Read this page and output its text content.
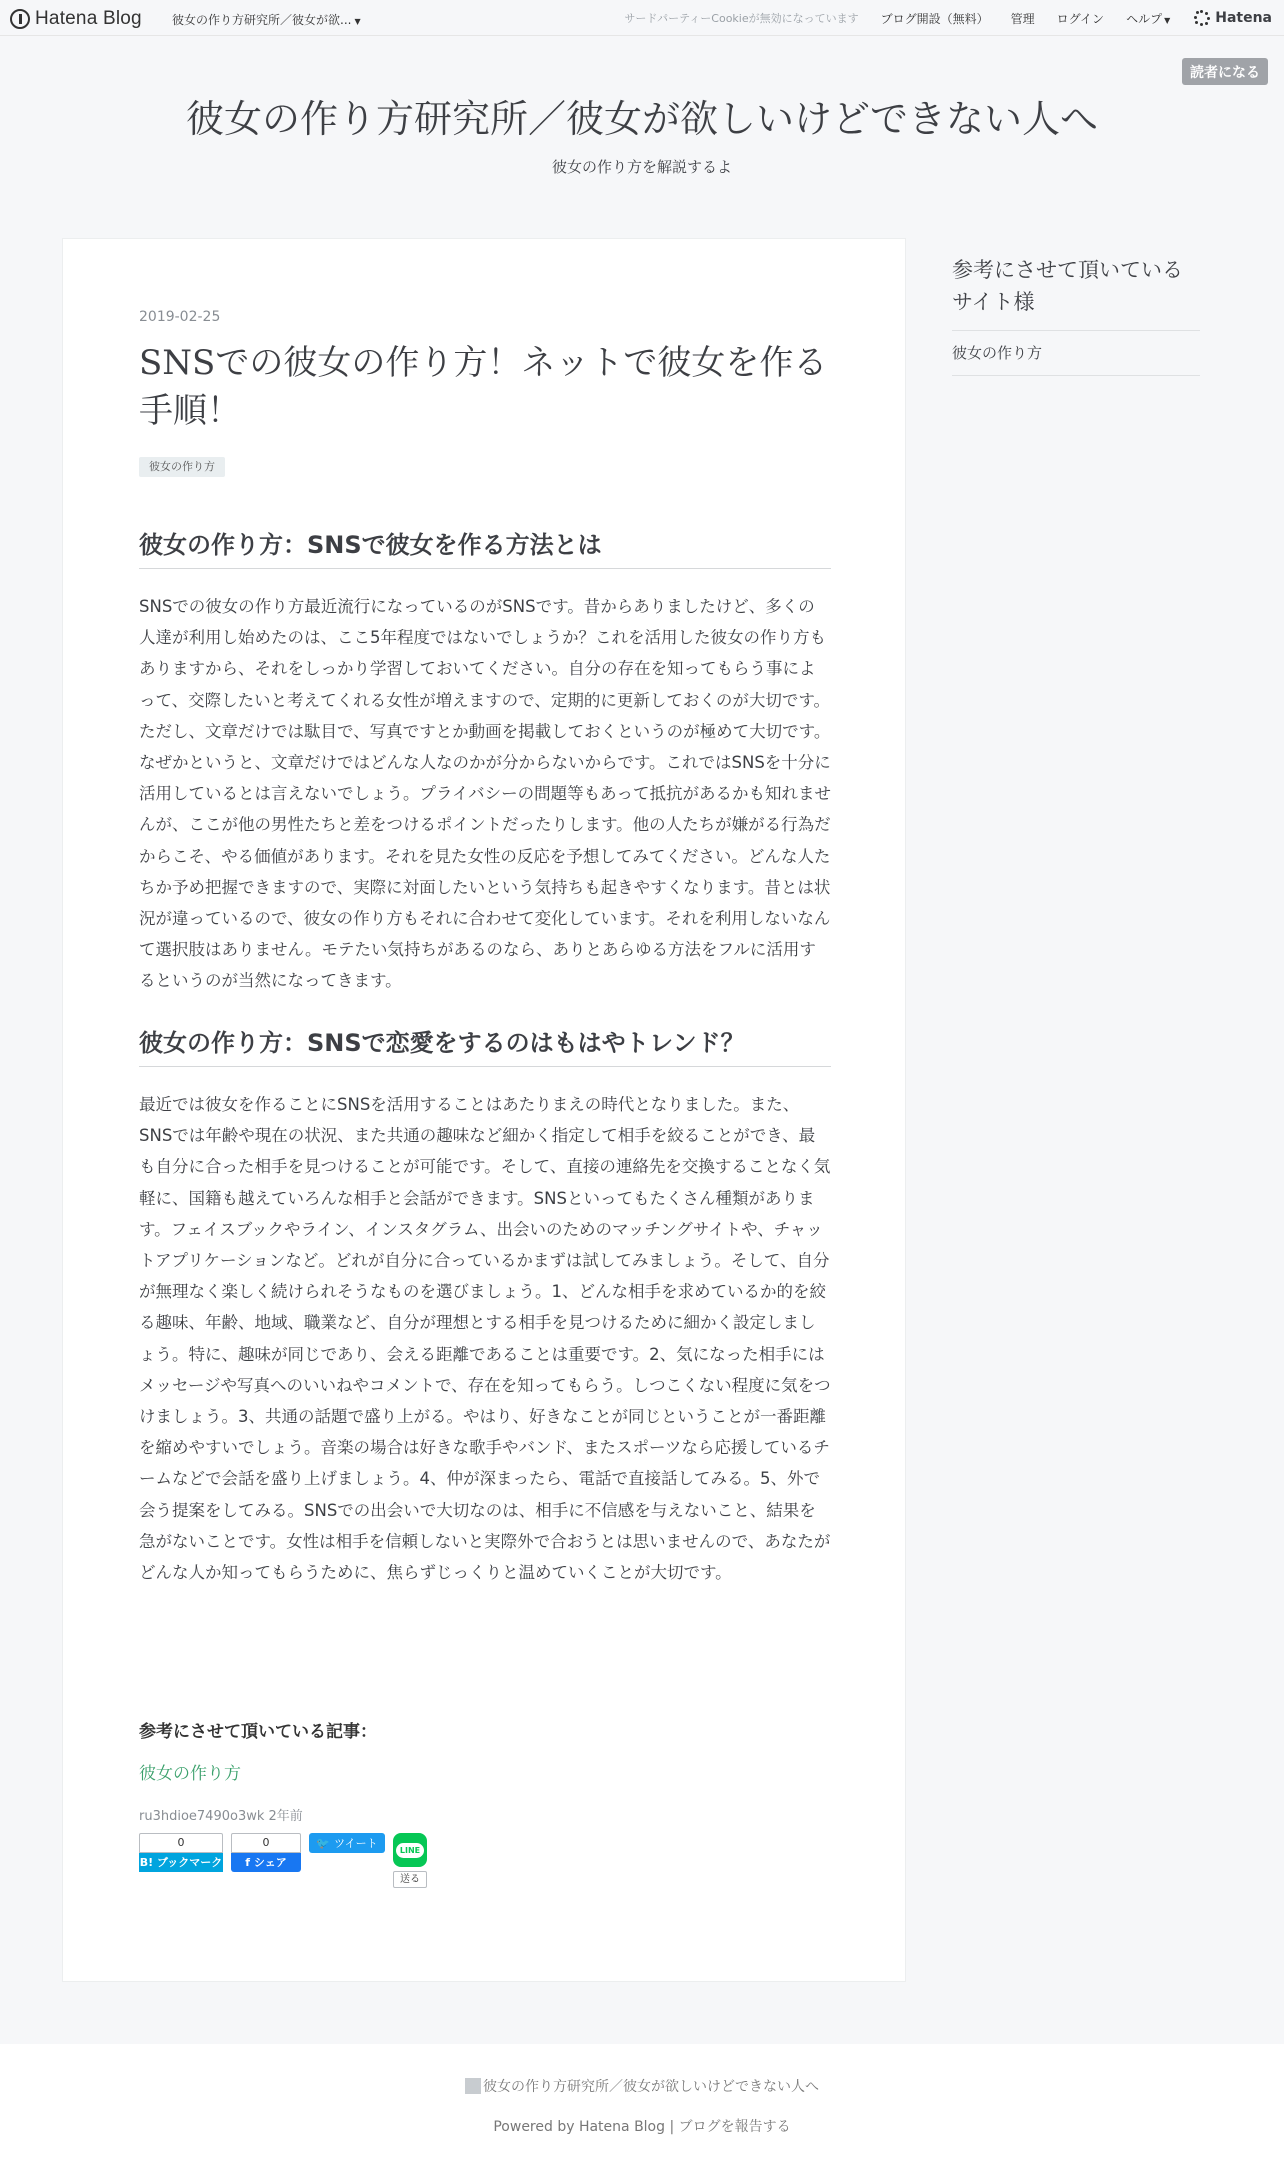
Hatena Blog	彼女の作り方研究所／彼女が欲... ▼	サードパーティーCookieが無効になっています ブログ開設（無料） 管理 ログイン ヘルプ ▼	Hatena
読者になる
彼女の作り方研究所／彼女が欲しいけどできない人へ
彼女の作り方を解説するよ
2019-02-25
SNSでの彼女の作り方！ネットで彼女を作る手順！
彼女の作り方
彼女の作り方：SNSで彼女を作る方法とは

SNSでの彼女の作り方最近流行になっているのがSNSです。昔からありましたけど、多くの人達が利用し始めたのは、ここ5年程度ではないでしょうか？これを活用した彼女の作り方もありますから、それをしっかり学習しておいてください。自分の存在を知ってもらう事によって、交際したいと考えてくれる女性が増えますので、定期的に更新しておくのが大切です。ただし、文章だけでは駄目で、写真ですとか動画を掲載しておくというのが極めて大切です。なぜかというと、文章だけではどんな人なのかが分からないからです。これではSNSを十分に活用しているとは言えないでしょう。プライバシーの問題等もあって抵抗があるかも知れませんが、ここが他の男性たちと差をつけるポイントだったりします。他の人たちが嫌がる行為だからこそ、やる価値があります。それを見た女性の反応を予想してみてください。どんな人たちか予め把握できますので、実際に対面したいという気持ちも起きやすくなります。昔とは状況が違っているので、彼女の作り方もそれに合わせて変化しています。それを利用しないなんて選択肢はありません。モテたい気持ちがあるのなら、ありとあらゆる方法をフルに活用するというのが当然になってきます。

彼女の作り方：SNSで恋愛をするのはもはやトレンド？

最近では彼女を作ることにSNSを活用することはあたりまえの時代となりました。また、SNSでは年齢や現在の状況、また共通の趣味など細かく指定して相手を絞ることができ、最も自分に合った相手を見つけることが可能です。そして、直接の連絡先を交換することなく気軽に、国籍も越えていろんな相手と会話ができます。SNSといってもたくさん種類があります。フェイスブックやライン、インスタグラム、出会いのためのマッチングサイトや、チャットアプリケーションなど。どれが自分に合っているかまずは試してみましょう。そして、自分が無理なく楽しく続けられそうなものを選びましょう。1、どんな相手を求めているか的を絞る趣味、年齢、地域、職業など、自分が理想とする相手を見つけるために細かく設定しましょう。特に、趣味が同じであり、会える距離であることは重要です。2、気になった相手にはメッセージや写真へのいいねやコメントで、存在を知ってもらう。しつこくない程度に気をつけましょう。3、共通の話題で盛り上がる。やはり、好きなことが同じということが一番距離を縮めやすいでしょう。音楽の場合は好きな歌手やバンド、またスポーツなら応援しているチームなどで会話を盛り上げましょう。4、仲が深まったら、電話で直接話してみる。5、外で会う提案をしてみる。SNSでの出会いで大切なのは、相手に不信感を与えないこと、結果を急がないことです。女性は相手を信頼しないと実際外で合おうとは思いませんので、あなたがどんな人か知ってもらうために、焦らずじっくりと温めていくことが大切です。

参考にさせて頂いている記事：
彼女の作り方
ru3hdioe7490o3wk 2年前
0
B! ブックマーク
0
f シェア
🐦 ツイート	LINE
送る
参考にさせて頂いているサイト様
彼女の作り方
彼女の作り方研究所／彼女が欲しいけどできない人へ
Powered by Hatena Blog | ブログを報告する
